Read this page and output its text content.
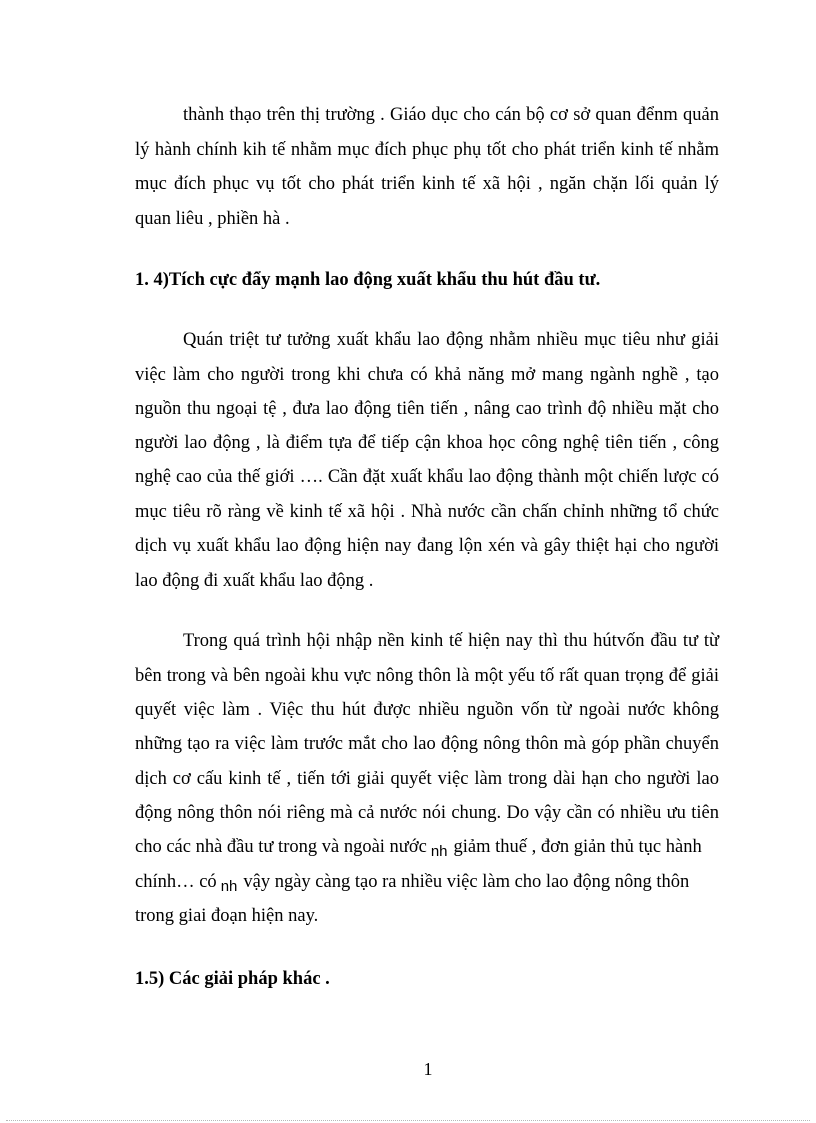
thành thạo trên thị trường . Giáo dục cho cán bộ cơ sở quan đểnm quản
lý hành chính kih tế nhằm mục đích phục phụ tốt cho phát triển kinh tế nhằm
mục đích phục vụ tốt cho phát triển kinh tế xã hội , ngăn chặn lối quản lý
quan liêu , phiền hà .
1. 4)Tích cực đẩy mạnh lao động xuất khẩu thu hút đầu tư.
Quán triệt tư tưởng xuất khẩu lao động nhằm nhiều mục tiêu như giải
việc làm cho người trong khi chưa có khả năng mở mang ngành nghề , tạo
nguồn thu ngoại tệ , đưa lao động tiên tiến , nâng cao trình độ nhiều mặt cho
người lao động , là điểm tựa để tiếp cận khoa học công nghệ tiên tiến , công
nghệ cao của thế giới …. Cần đặt xuất khẩu lao động thành một chiến lược có
mục tiêu rõ ràng về kinh tế xã hội . Nhà nước cần chấn chỉnh những tổ chức
dịch vụ xuất khẩu lao động hiện nay đang lộn xén và gây thiệt hại cho người
lao động đi xuất khẩu lao động .
Trong quá trình hội nhập nền kinh tế hiện nay thì thu hútvốn đầu tư từ
bên trong và bên ngoài khu vực nông thôn là một yếu tố rất quan trọng để giải
quyết việc làm . Việc thu hút được nhiều nguồn vốn từ ngoài nước không
những tạo ra việc làm trước mắt cho lao động nông thôn mà góp phần chuyển
dịch cơ cấu kinh tế , tiến tới giải quyết việc làm trong dài hạn cho người lao
động nông thôn nói riêng mà cả nước nói chung. Do vậy cần có nhiều ưu tiên
cho các nhà đầu tư trong và ngoài nước $_{nh}$ giảm thuế , đơn giản thủ tục hành
chính… có $_{nh}$ vậy ngày càng tạo ra nhiều việc làm cho lao động nông thôn
trong giai đoạn hiện nay.
1.5) Các giải pháp khác .
1
